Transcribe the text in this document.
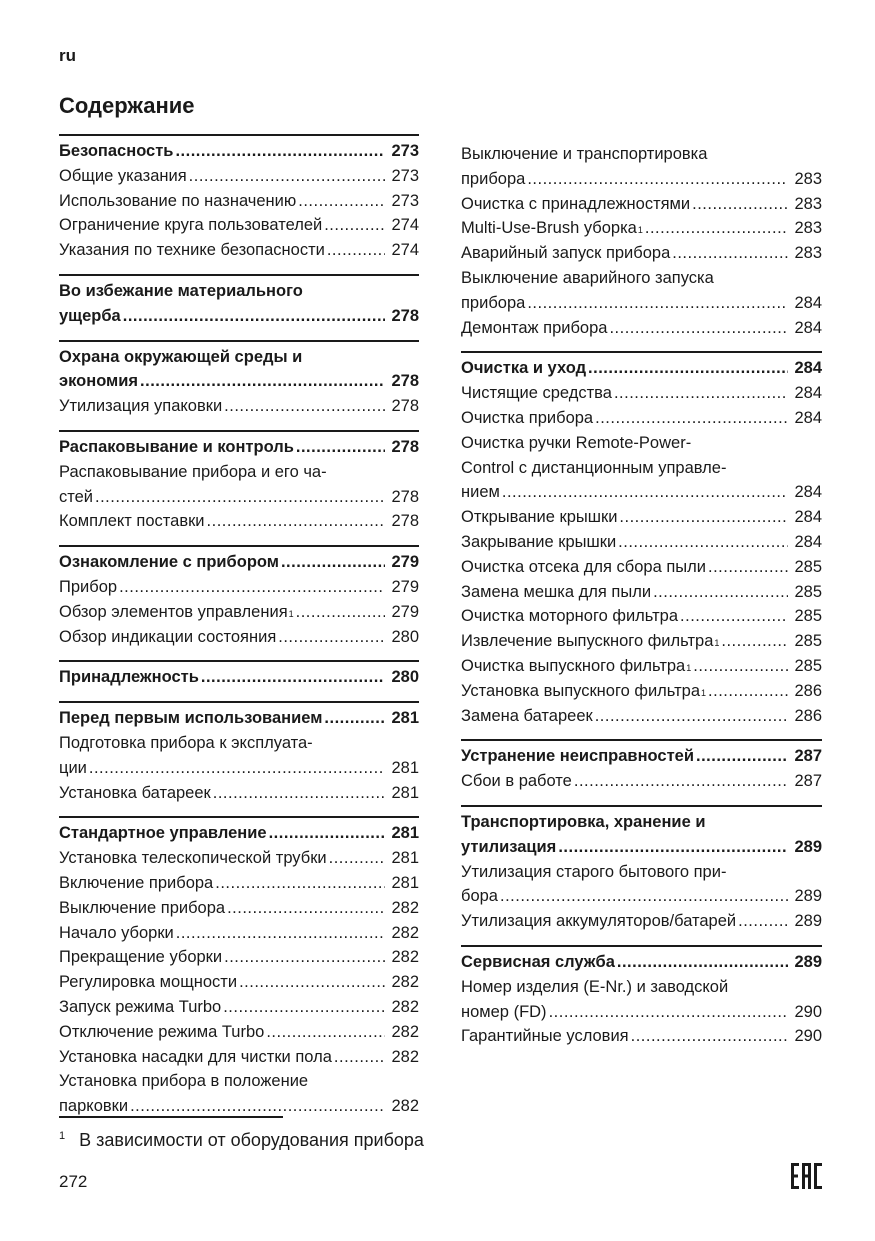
ru
Содержание
Безопасность .....	273
Общие указания .....	273
Использование по назначению .....	273
Ограничение круга пользователей .....	274
Указания по технике безопасности .....	274
Во избежание материального
ущерба .....	278
Охрана окружающей среды и
экономия .....	278
Утилизация упаковки .....	278
Распаковывание и контроль .....	278
Распаковывание прибора и его ча-
стей .....	278
Комплект поставки .....	278
Ознакомление с прибором .....	279
Прибор .....	279
Обзор элементов управления 1 .....	279
Обзор индикации состояния .....	280
Принадлежность .....	280
Перед первым использованием .....	281
Подготовка прибора к эксплуата-
ции .....	281
Установка батареек .....	281
Стандартное управление .....	281
Установка телескопической трубки .....	281
Включение прибора .....	281
Выключение прибора .....	282
Начало уборки .....	282
Прекращение уборки .....	282
Регулировка мощности .....	282
Запуск режима Turbo .....	282
Отключение режима Turbo .....	282
Установка насадки для чистки пола .....	282
Установка прибора в положение
парковки .....	282
Выключение и транспортировка
прибора .....	283
Очистка с принадлежностями .....	283
Multi-Use-Brush уборка 1 .....	283
Аварийный запуск прибора .....	283
Выключение аварийного запуска
прибора .....	284
Демонтаж прибора .....	284
Очистка и уход .....	284
Чистящие средства .....	284
Очистка прибора .....	284
Очистка ручки Remote-Power-
Control с дистанционным управле-
нием .....	284
Открывание крышки .....	284
Закрывание крышки .....	284
Очистка отсека для сбора пыли .....	285
Замена мешка для пыли .....	285
Очистка моторного фильтра .....	285
Извлечение выпускного фильтра 1 .....	285
Очистка выпускного фильтра 1 .....	285
Установка выпускного фильтра 1 .....	286
Замена батареек .....	286
Устранение неисправностей .....	287
Сбои в работе .....	287
Транспортировка, хранение и
утилизация .....	289
Утилизация старого бытового при-
бора .....	289
Утилизация аккумуляторов/батарей .....	289
Сервисная служба .....	289
Номер изделия (E-Nr.) и заводской
номер (FD) .....	290
Гарантийные условия .....	290
$^1$ В зависимости от оборудования прибора
272
